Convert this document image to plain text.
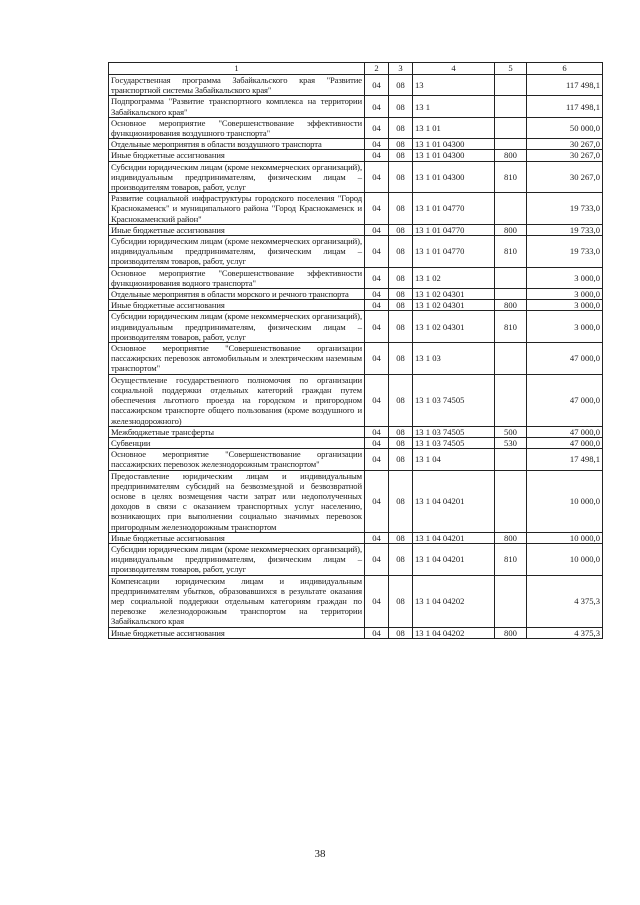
1	2	3	4	5	6
Государственная программа Забайкальского края "Развитие транспортной системы Забайкальского края"	04	08	13		117 498,1
Подпрограмма "Развитие транспортного комплекса на территории Забайкальского края"	04	08	13 1		117 498,1
Основное мероприятие "Совершенствование эффективности функционирования воздушного транспорта"	04	08	13 1 01		50 000,0
Отдельные мероприятия в области воздушного транспорта	04	08	13 1 01 04300		30 267,0
Иные бюджетные ассигнования	04	08	13 1 01 04300	800	30 267,0
Субсидии юридическим лицам (кроме некоммерческих организаций), индивидуальным предпринимателям, физическим лицам – производителям товаров, работ, услуг	04	08	13 1 01 04300	810	30 267,0
Развитие социальной инфраструктуры городского поселения "Город Краснокаменск" и муниципального района "Город Краснокаменск и Краснокаменский район"	04	08	13 1 01 04770		19 733,0
Иные бюджетные ассигнования	04	08	13 1 01 04770	800	19 733,0
Субсидии юридическим лицам (кроме некоммерческих организаций), индивидуальным предпринимателям, физическим лицам – производителям товаров, работ, услуг	04	08	13 1 01 04770	810	19 733,0
Основное мероприятие "Совершенствование эффективности функционирования водного транспорта"	04	08	13 1 02		3 000,0
Отдельные мероприятия в области морского и речного транспорта	04	08	13 1 02 04301		3 000,0
Иные бюджетные ассигнования	04	08	13 1 02 04301	800	3 000,0
Субсидии юридическим лицам (кроме некоммерческих организаций), индивидуальным предпринимателям, физическим лицам – производителям товаров, работ, услуг	04	08	13 1 02 04301	810	3 000,0
Основное мероприятие "Совершенствование организации пассажирских перевозок автомобильным и электрическим наземным транспортом"	04	08	13 1 03		47 000,0
Осуществление государственного полномочия по организации социальной поддержки отдельных категорий граждан путем обеспечения льготного проезда на городском и пригородном пассажирском транспорте общего пользования (кроме воздушного и железнодорожного)	04	08	13 1 03 74505		47 000,0
Межбюджетные трансферты	04	08	13 1 03 74505	500	47 000,0
Субвенции	04	08	13 1 03 74505	530	47 000,0
Основное мероприятие "Совершенствование организации пассажирских перевозок железнодорожным транспортом"	04	08	13 1 04		17 498,1
Предоставление юридическим лицам и индивидуальным предпринимателям субсидий на безвозмездной и безвозвратной основе в целях возмещения части затрат или недополученных доходов в связи с оказанием транспортных услуг населению, возникающих при выполнении социально значимых перевозок пригородным железнодорожным транспортом	04	08	13 1 04 04201		10 000,0
Иные бюджетные ассигнования	04	08	13 1 04 04201	800	10 000,0
Субсидии юридическим лицам (кроме некоммерческих организаций), индивидуальным предпринимателям, физическим лицам – производителям товаров, работ, услуг	04	08	13 1 04 04201	810	10 000,0
Компенсации юридическим лицам и индивидуальным предпринимателям убытков, образовавшихся в результате оказания мер социальной поддержки отдельным категориям граждан по перевозке железнодорожным транспортом на территории Забайкальского края	04	08	13 1 04 04202		4 375,3
Иные бюджетные ассигнования	04	08	13 1 04 04202	800	4 375,3
38
